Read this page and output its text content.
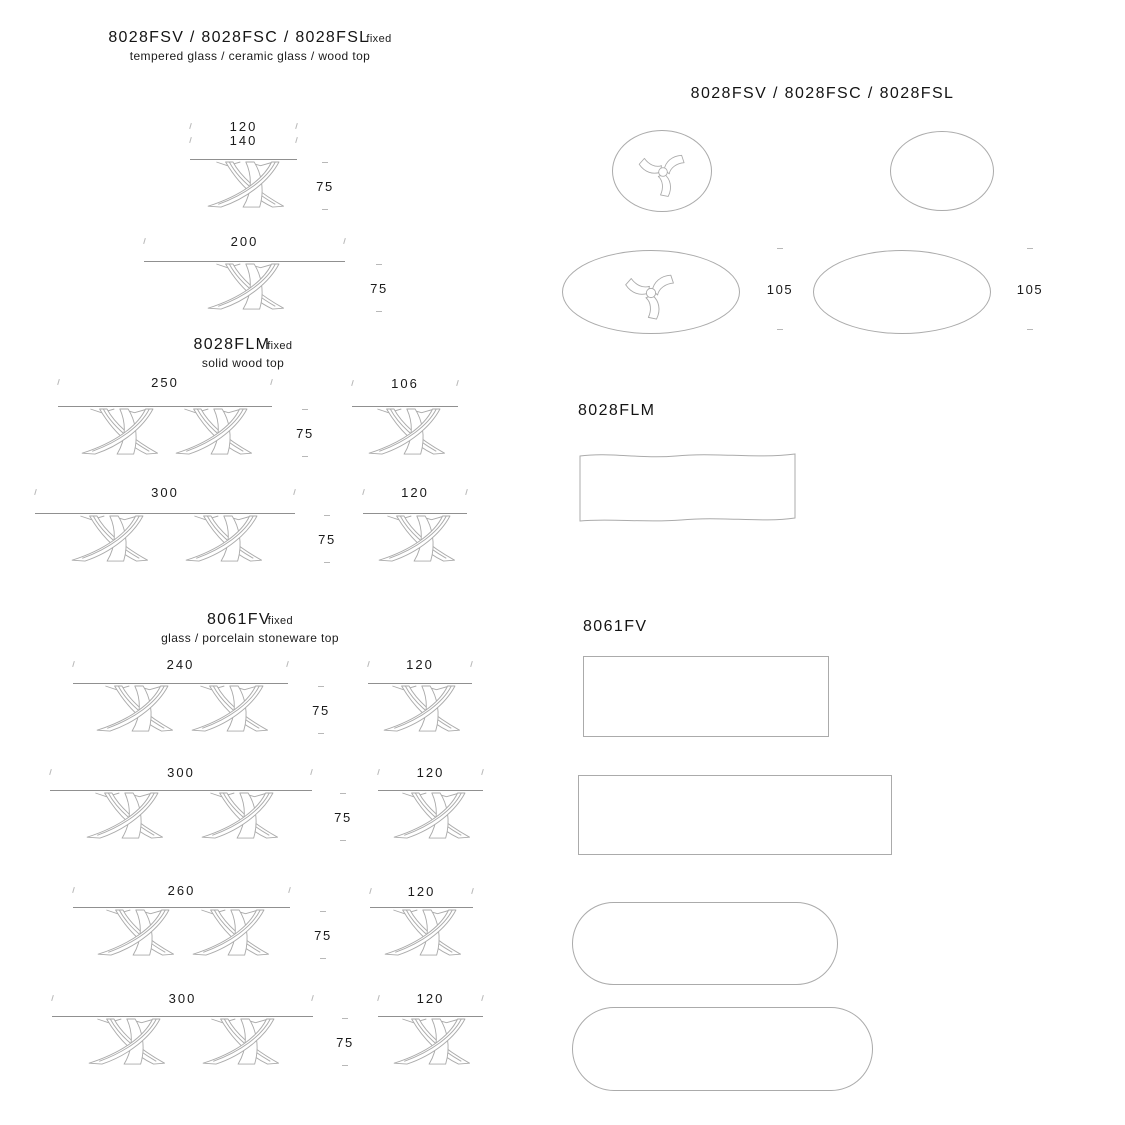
8028FSV / 8028FSC / 8028FSLfixed
tempered glass / ceramic glass / wood top
120
140
75
200
75
8028FLMfixed
solid wood top
250
75
106
300
75
120
8061FVfixed
glass / porcelain stoneware top
240
75
120
300
75
120
260
75
120
300
75
120
8028FSV / 8028FSC / 8028FSL
105	105
8028FLM
8061FV
